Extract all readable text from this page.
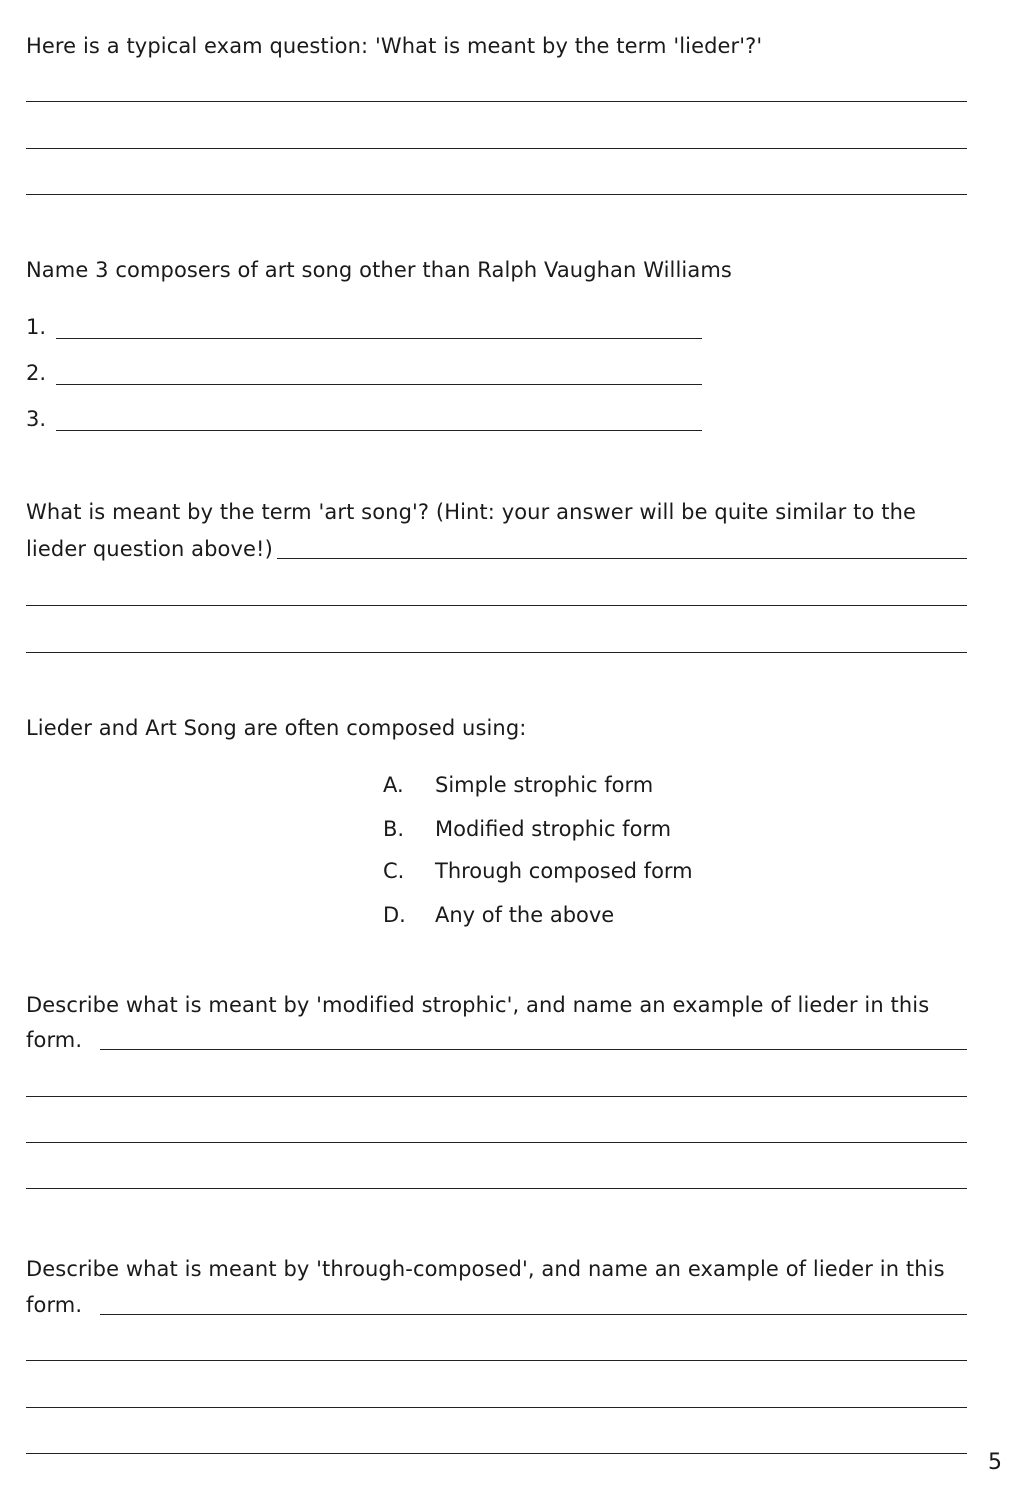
Here is a typical exam question: 'What is meant by the term 'lieder'?'
Name 3 composers of art song other than Ralph Vaughan Williams
1.
2.
3.
What is meant by the term 'art song'? (Hint: your answer will be quite similar to the
lieder question above!)
Lieder and Art Song are often composed using:
A. Simple strophic form
B. Modified strophic form
C. Through composed form
D. Any of the above
Describe what is meant by 'modified strophic', and name an example of lieder in this
form.
Describe what is meant by 'through-composed', and name an example of lieder in this
form.
5
